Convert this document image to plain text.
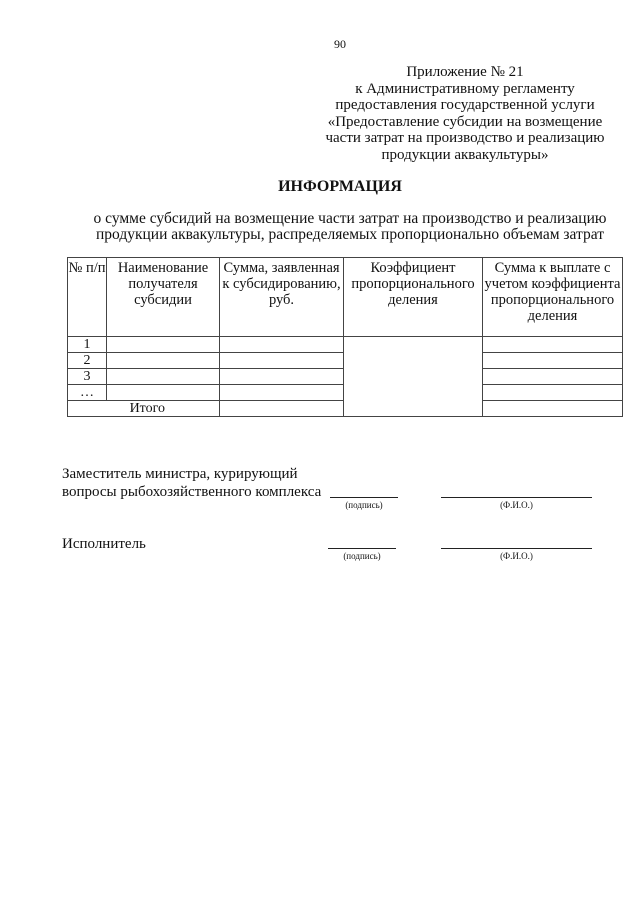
90
Приложение № 21
к Административному регламенту
предоставления государственной услуги
«Предоставление субсидии на возмещение
части затрат на производство и реализацию
продукции аквакультуры»
ИНФОРМАЦИЯ
о сумме субсидий на возмещение части затрат на производство и реализацию
продукции аквакультуры, распределяемых пропорционально объемам затрат
№ п/п	Наименование получателя субсидии	Сумма, заявленная к субсидированию, руб.	Коэффициент пропорционального деления	Сумма к выплате с учетом коэффициента пропорционального деления
1				
2				
3				
…				
Итого				
Заместитель министра, курирующий
вопросы рыбохозяйственного комплекса
(подпись)	(Ф.И.О.)
Исполнитель
(подпись)	(Ф.И.О.)
